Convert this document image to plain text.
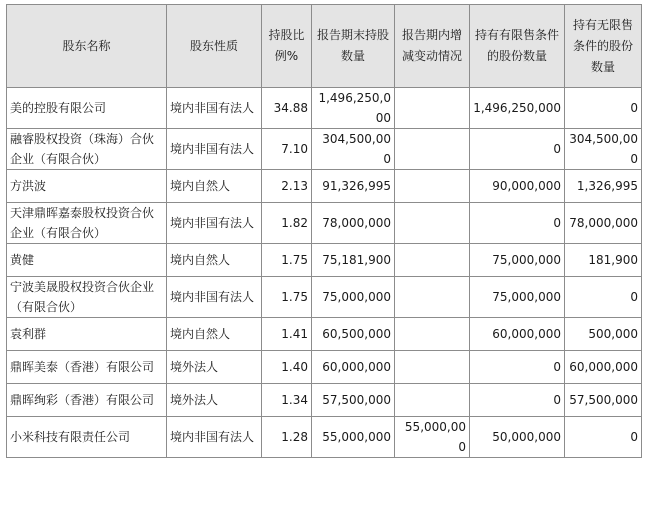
股东名称	股东性质	持股比例%	报告期末持股数量	报告期内增减变动情况	持有有限售条件的股份数量	持有无限售条件的股份数量
美的控股有限公司	境内非国有法人	34.88	1,496,250,000		1,496,250,000	0
融睿股权投资（珠海）合伙企业（有限合伙）	境内非国有法人	7.10	304,500,000		0	304,500,000
方洪波	境内自然人	2.13	91,326,995		90,000,000	1,326,995
天津鼎晖嘉泰股权投资合伙企业（有限合伙）	境内非国有法人	1.82	78,000,000		0	78,000,000
黄健	境内自然人	1.75	75,181,900		75,000,000	181,900
宁波美晟股权投资合伙企业（有限合伙）	境内非国有法人	1.75	75,000,000		75,000,000	0
袁利群	境内自然人	1.41	60,500,000		60,000,000	500,000
鼎晖美泰（香港）有限公司	境外法人	1.40	60,000,000		0	60,000,000
鼎晖绚彩（香港）有限公司	境外法人	1.34	57,500,000		0	57,500,000
小米科技有限责任公司	境内非国有法人	1.28	55,000,000	55,000,000	50,000,000	0
